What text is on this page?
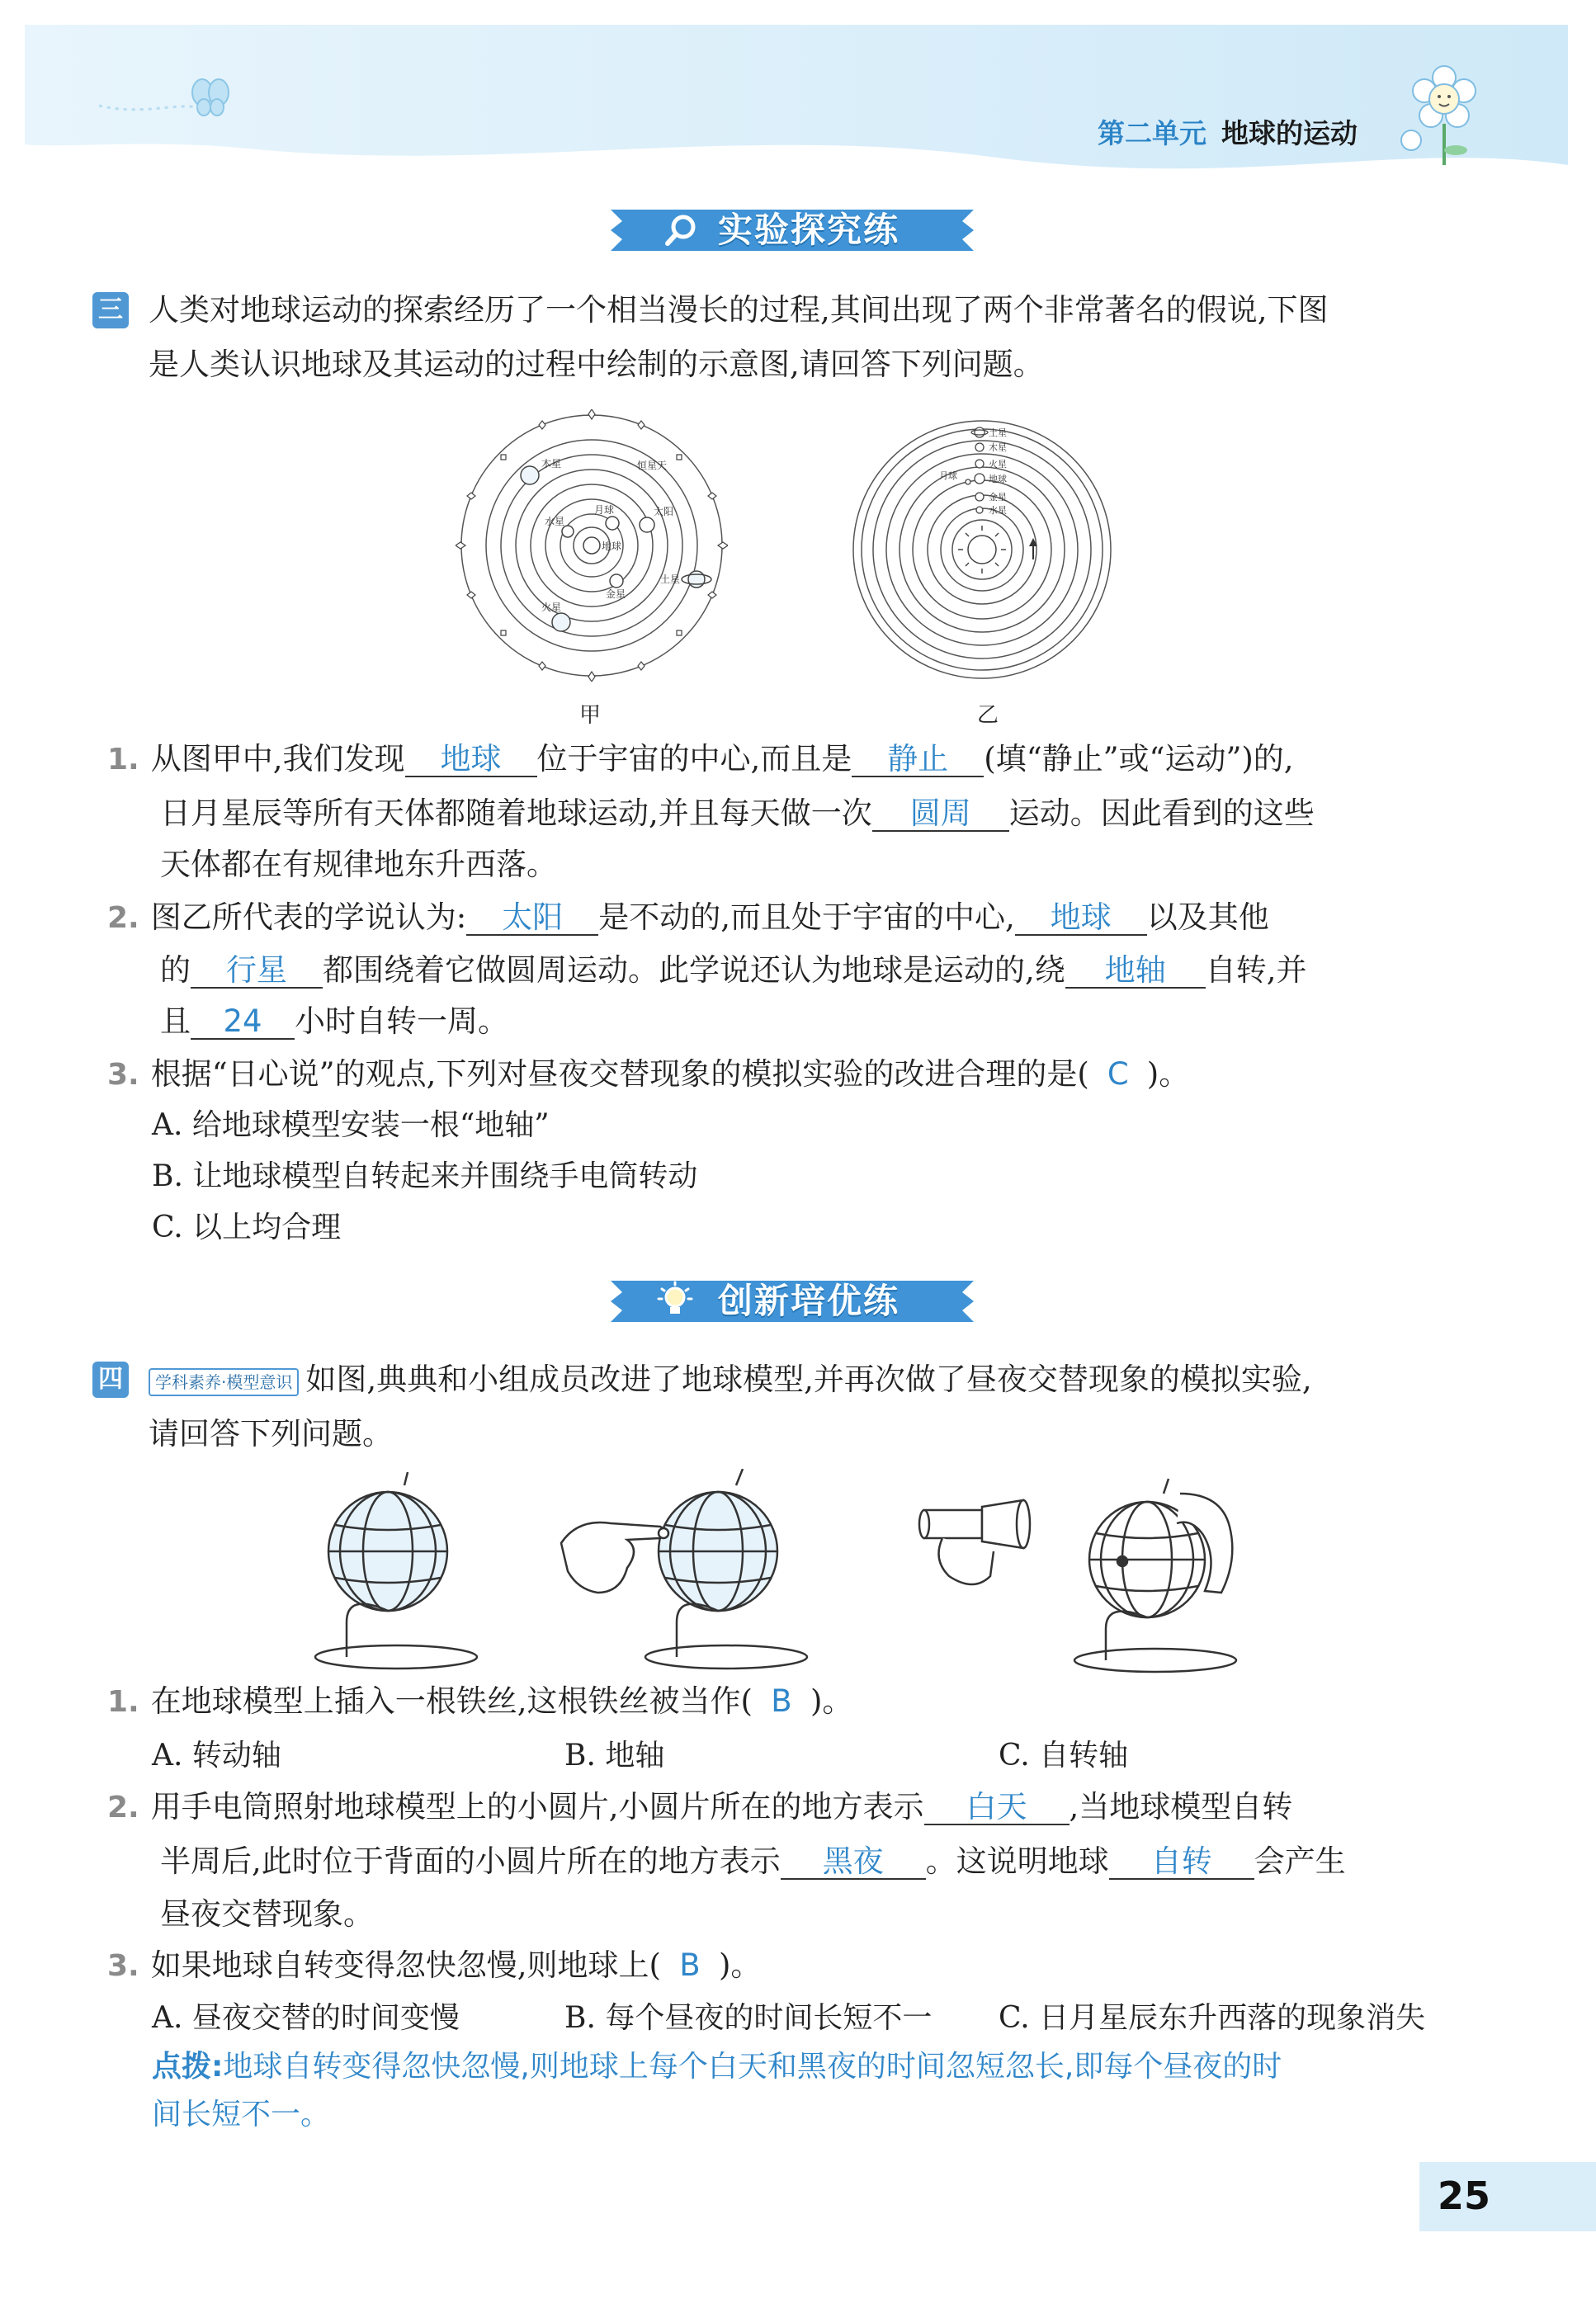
第二单元 地球的运动
实验探究练
三 人类对地球运动的探索经历了一个相当漫长的过程,其间出现了两个非常著名的假说,下图
是人类认识地球及其运动的过程中绘制的示意图,请回答下列问题。
木星	恒星天
水星
月球	太阳
地球
土星
火星
金星
甲
土星
木星
火星
月球	地球
金星
水星
乙
1. 从图甲中,我们发现 地球 位于宇宙的中心,而且是 静止 (填“静止”或“运动”)的,
日月星辰等所有天体都随着地球运动,并且每天做一次 圆周 运动。因此看到的这些
天体都在有规律地东升西落。
2. 图乙所代表的学说认为: 太阳 是不动的,而且处于宇宙的中心, 地球 以及其他
的 行星 都围绕着它做圆周运动。此学说还认为地球是运动的,绕 地轴 自转,并
且 24 小时自转一周。
3. 根据“日心说”的观点,下列对昼夜交替现象的模拟实验的改进合理的是( C )。
A. 给地球模型安装一根“地轴”
B. 让地球模型自转起来并围绕手电筒转动
C. 以上均合理
创新培优练
四	学科素养·模型意识 如图,典典和小组成员改进了地球模型,并再次做了昼夜交替现象的模拟实验,
请回答下列问题。
1. 在地球模型上插入一根铁丝,这根铁丝被当作( B )。
A. 转动轴	B. 地轴	C. 自转轴
2. 用手电筒照射地球模型上的小圆片,小圆片所在的地方表示 白天 ,当地球模型自转
半周后,此时位于背面的小圆片所在的地方表示 黑夜 。这说明地球 自转 会产生
昼夜交替现象。
3. 如果地球自转变得忽快忽慢,则地球上( B )。
A. 昼夜交替的时间变慢	B. 每个昼夜的时间长短不一 C. 日月星辰东升西落的现象消失
点拨:地球自转变得忽快忽慢,则地球上每个白天和黑夜的时间忽短忽长,即每个昼夜的时
间长短不一。
25
